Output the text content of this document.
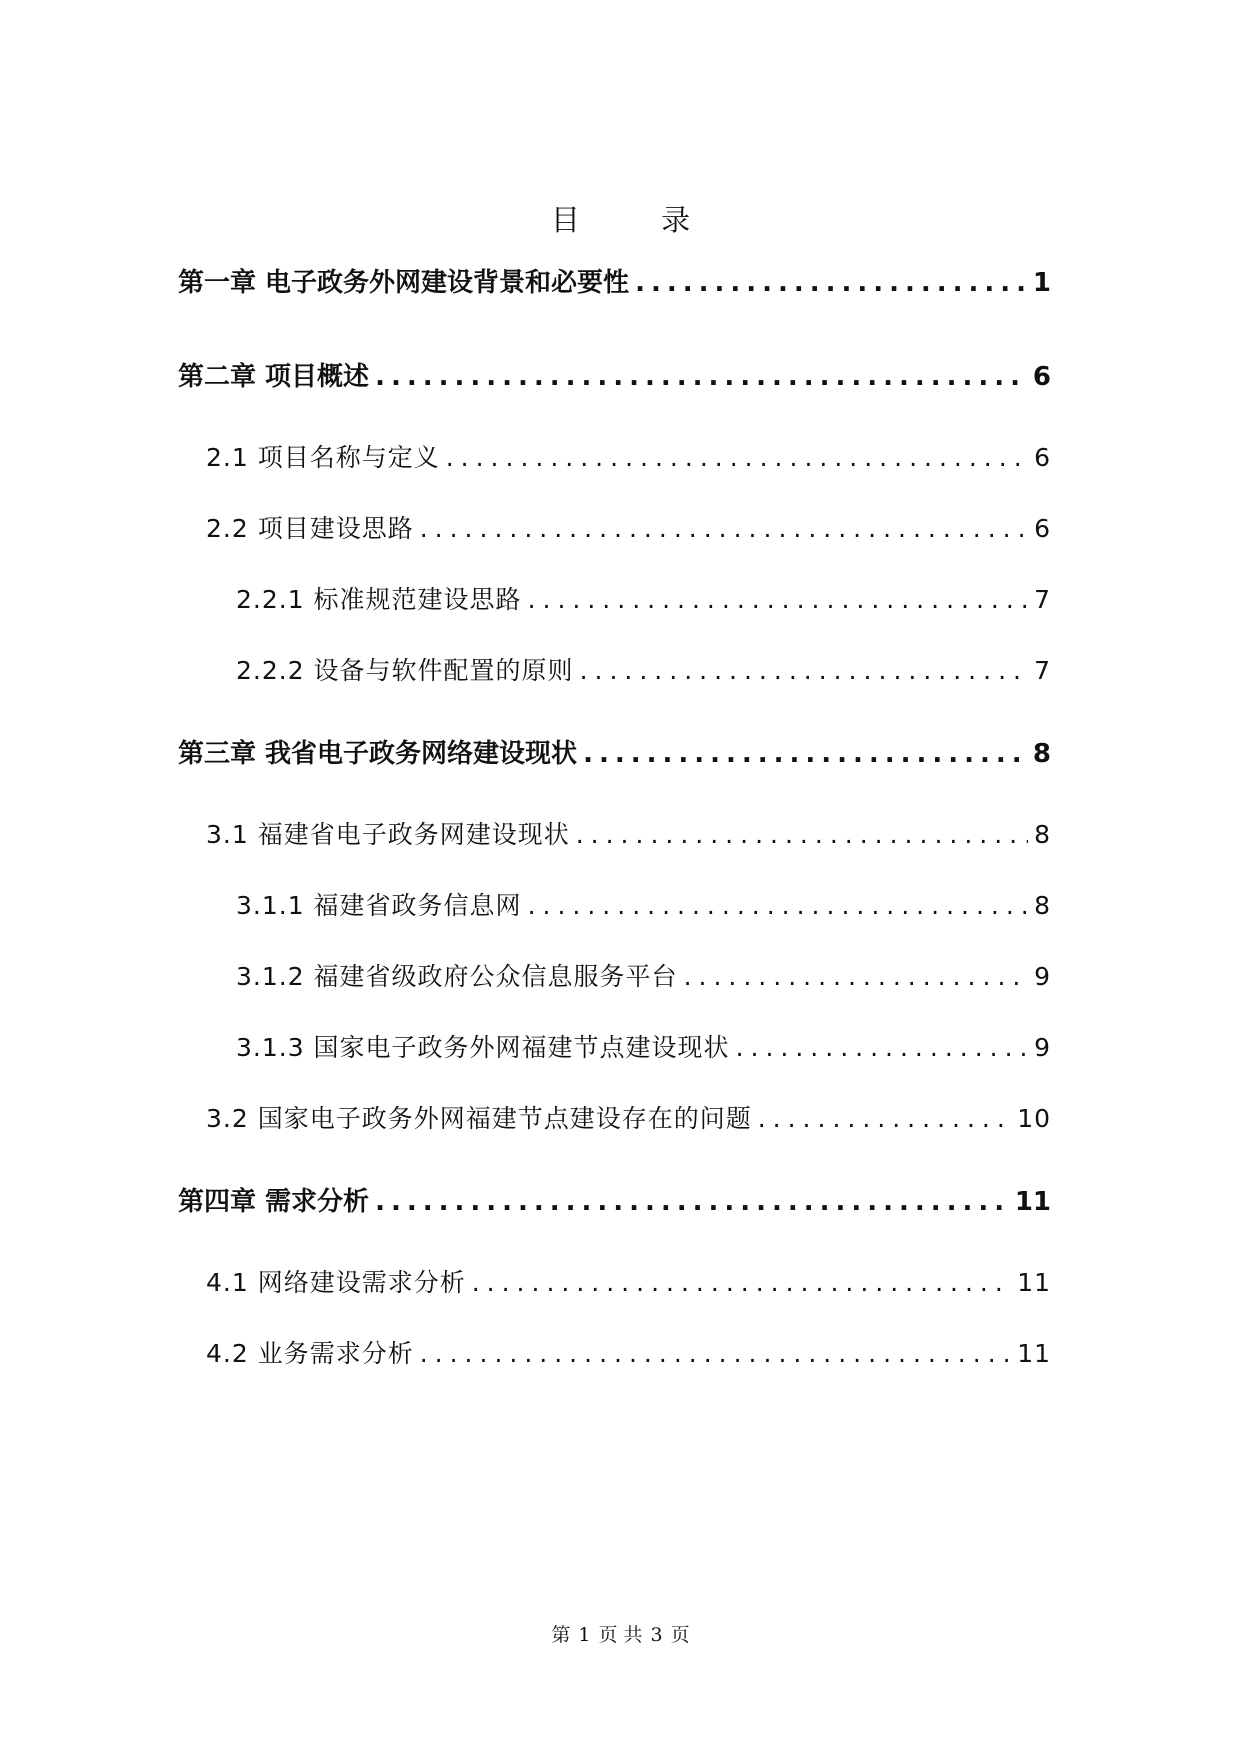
目 录
第一章 电子政务外网建设背景和必要性 .....	1
第二章 项目概述 .....	6
2.1 项目名称与定义 .....	6
2.2 项目建设思路 .....	6
2.2.1 标准规范建设思路 .....	7
2.2.2 设备与软件配置的原则 .....	7
第三章 我省电子政务网络建设现状 .....	8
3.1 福建省电子政务网建设现状 .....	8
3.1.1 福建省政务信息网 .....	8
3.1.2 福建省级政府公众信息服务平台 .....	9
3.1.3 国家电子政务外网福建节点建设现状 .....	9
3.2 国家电子政务外网福建节点建设存在的问题 .....	10
第四章 需求分析 .....	11
4.1 网络建设需求分析 .....	11
4.2 业务需求分析 .....	11
第 1 页 共 3 页
